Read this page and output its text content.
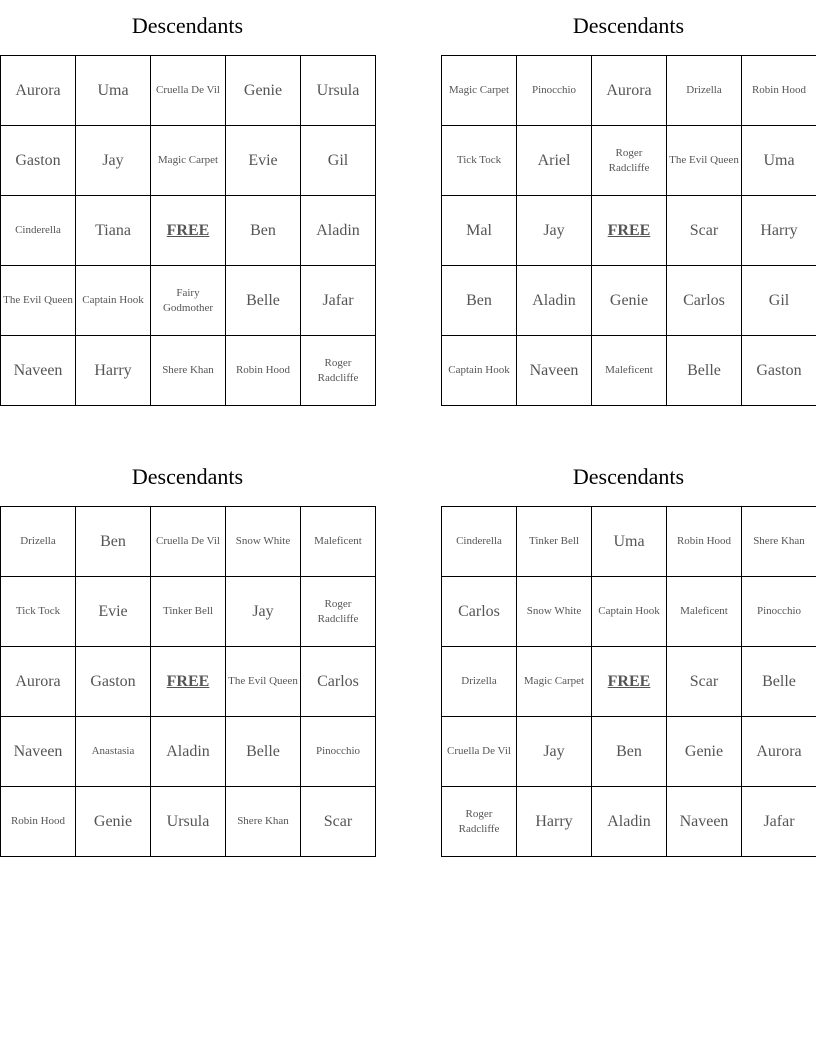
Descendants
Aurora	Uma	Cruella De Vil	Genie	Ursula
Gaston	Jay	Magic Carpet	Evie	Gil
Cinderella	Tiana	FREE	Ben	Aladin
The Evil Queen	Captain Hook	Fairy Godmother	Belle	Jafar
Naveen	Harry	Shere Khan	Robin Hood	Roger Radcliffe
Descendants
Magic Carpet	Pinocchio	Aurora	Drizella	Robin Hood
Tick Tock	Ariel	Roger Radcliffe	The Evil Queen	Uma
Mal	Jay	FREE	Scar	Harry
Ben	Aladin	Genie	Carlos	Gil
Captain Hook	Naveen	Maleficent	Belle	Gaston
Descendants
Drizella	Ben	Cruella De Vil	Snow White	Maleficent
Tick Tock	Evie	Tinker Bell	Jay	Roger Radcliffe
Aurora	Gaston	FREE	The Evil Queen	Carlos
Naveen	Anastasia	Aladin	Belle	Pinocchio
Robin Hood	Genie	Ursula	Shere Khan	Scar
Descendants
Cinderella	Tinker Bell	Uma	Robin Hood	Shere Khan
Carlos	Snow White	Captain Hook	Maleficent	Pinocchio
Drizella	Magic Carpet	FREE	Scar	Belle
Cruella De Vil	Jay	Ben	Genie	Aurora
Roger Radcliffe	Harry	Aladin	Naveen	Jafar
